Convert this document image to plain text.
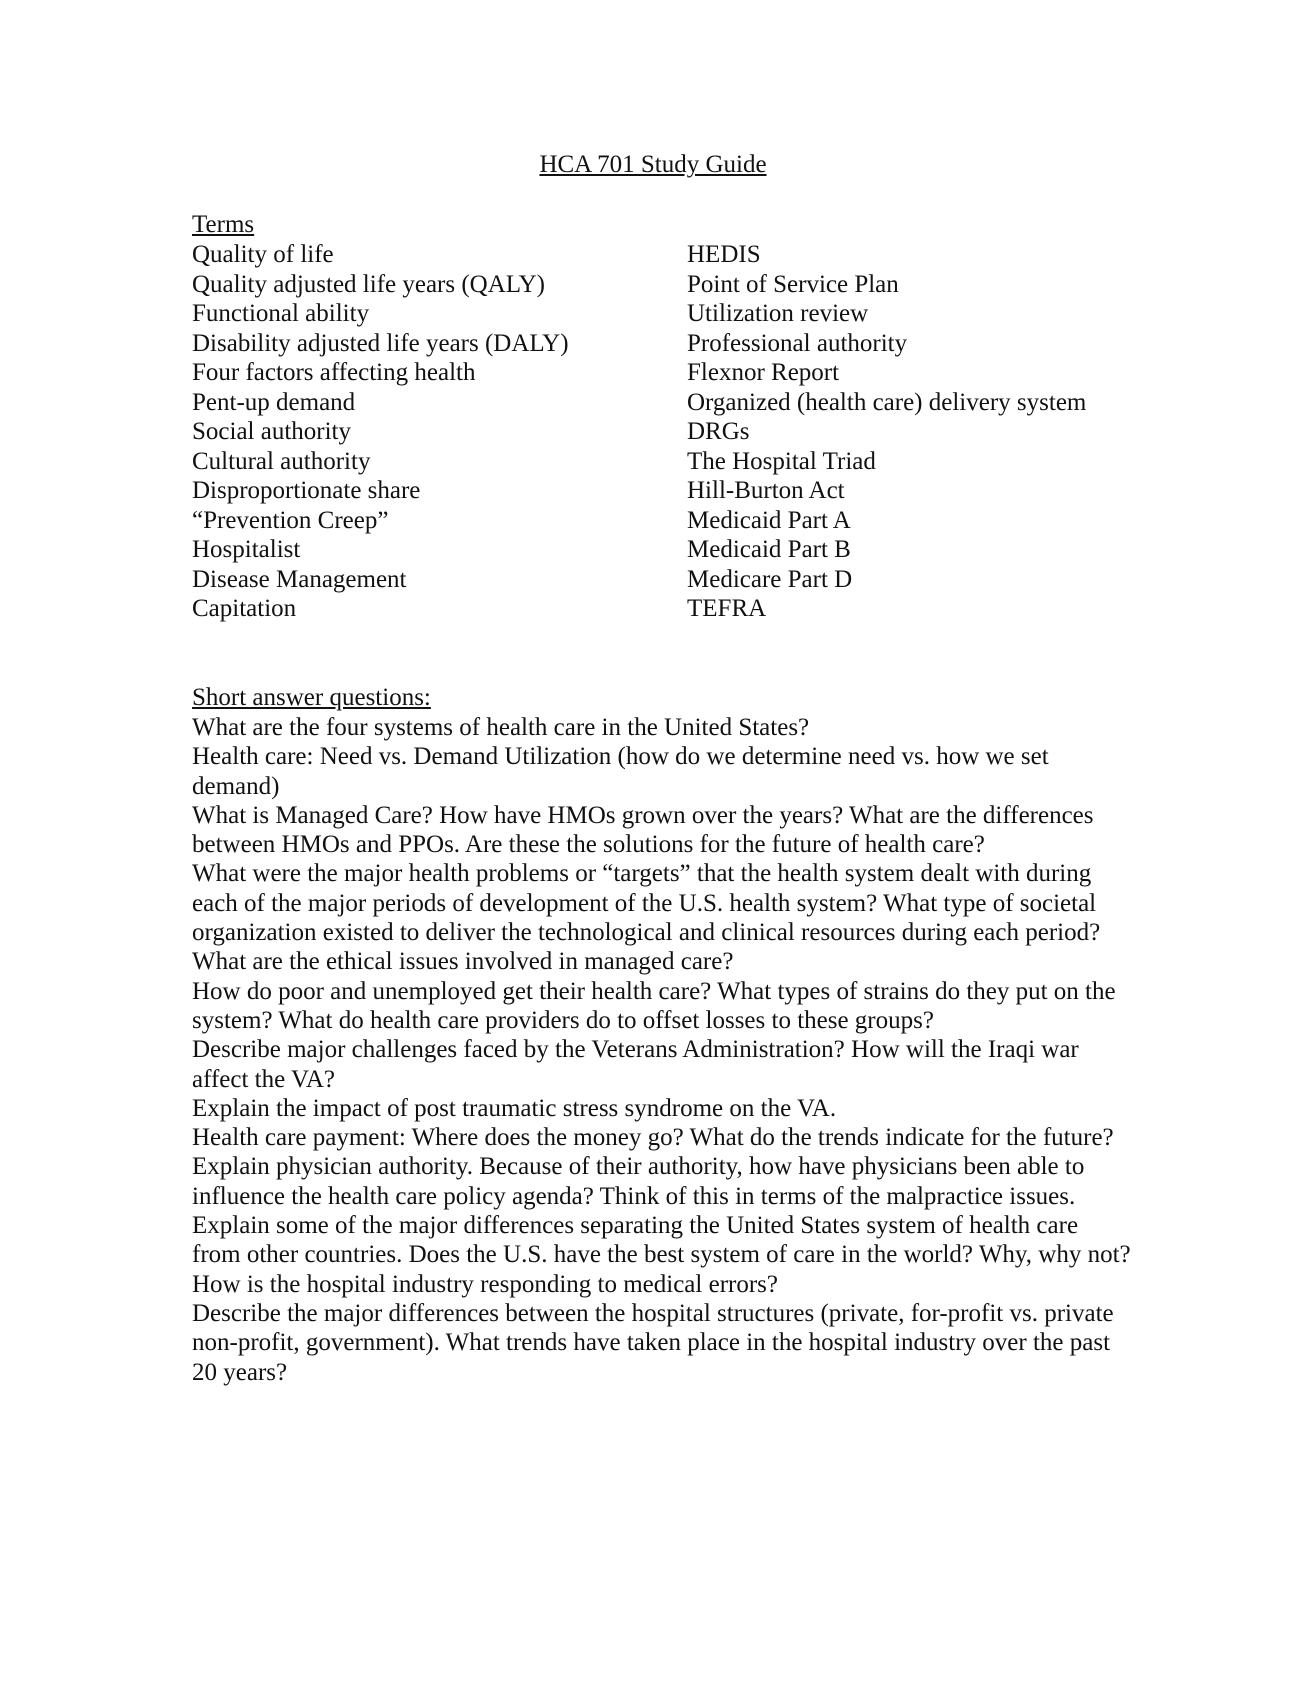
HCA 701 Study Guide
Terms
Quality of life	HEDIS
Quality adjusted life years (QALY)	Point of Service Plan
Functional ability	Utilization review
Disability adjusted life years (DALY)	Professional authority
Four factors affecting health	Flexnor Report
Pent-up demand	Organized (health care) delivery system
Social authority	DRGs
Cultural authority	The Hospital Triad
Disproportionate share	Hill-Burton Act
“Prevention Creep”	Medicaid Part A
Hospitalist	Medicaid Part B
Disease Management	Medicare Part D
Capitation	TEFRA
Short answer questions:
What are the four systems of health care in the United States?
Health care: Need vs. Demand Utilization (how do we determine need vs. how we set demand)
What is Managed Care? How have HMOs grown over the years? What are the differences between HMOs and PPOs. Are these the solutions for the future of health care?
What were the major health problems or “targets” that the health system dealt with during each of the major periods of development of the U.S. health system? What type of societal organization existed to deliver the technological and clinical resources during each period?
What are the ethical issues involved in managed care?
How do poor and unemployed get their health care? What types of strains do they put on the system? What do health care providers do to offset losses to these groups?
Describe major challenges faced by the Veterans Administration? How will the Iraqi war affect the VA?
Explain the impact of post traumatic stress syndrome on the VA.
Health care payment: Where does the money go? What do the trends indicate for the future?
Explain physician authority. Because of their authority, how have physicians been able to influence the health care policy agenda? Think of this in terms of the malpractice issues.
Explain some of the major differences separating the United States system of health care from other countries. Does the U.S. have the best system of care in the world? Why, why not?
How is the hospital industry responding to medical errors?
Describe the major differences between the hospital structures (private, for-profit vs. private non-profit, government). What trends have taken place in the hospital industry over the past 20 years?
